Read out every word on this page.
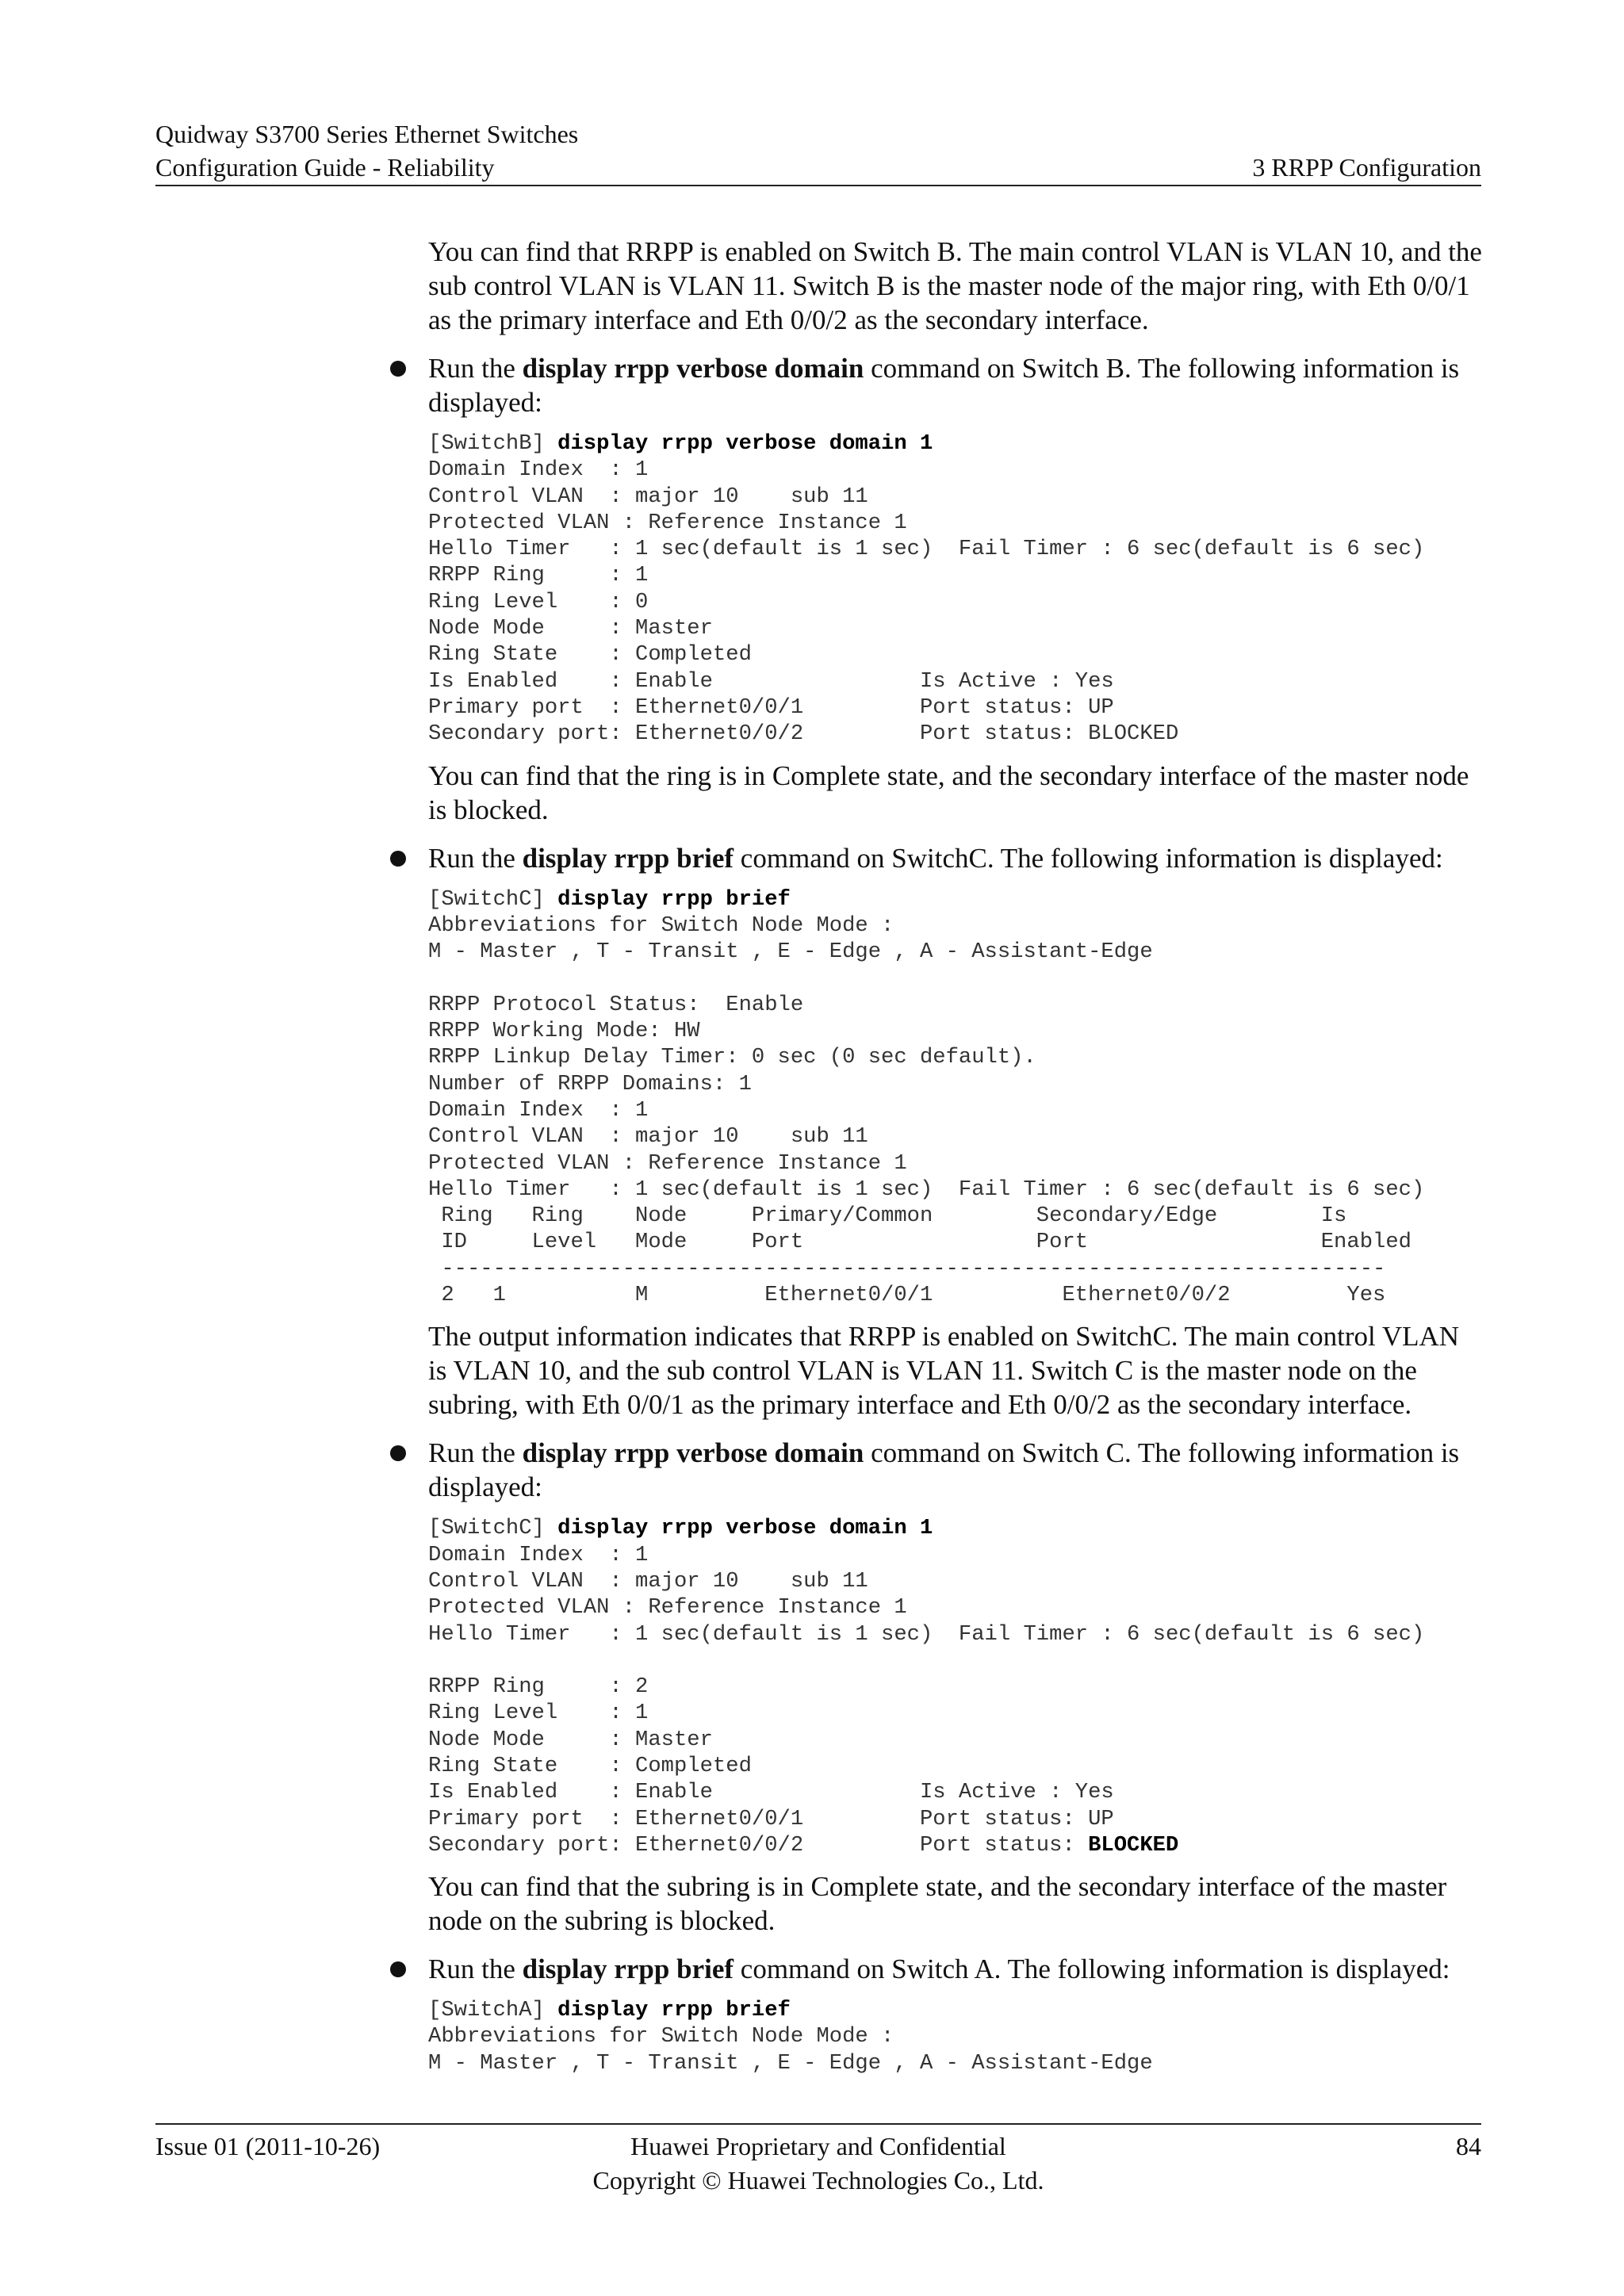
Quidway S3700 Series Ethernet Switches
Configuration Guide - Reliability	3 RRPP Configuration

You can find that RRPP is enabled on Switch B. The main control VLAN is VLAN 10, and the sub control VLAN is VLAN 11. Switch B is the master node of the major ring, with Eth 0/0/1 as the primary interface and Eth 0/0/2 as the secondary interface.

Run the display rrpp verbose domain command on Switch B. The following information is displayed:

[SwitchB] display rrpp verbose domain 1
Domain Index  : 1
Control VLAN  : major 10    sub 11
Protected VLAN : Reference Instance 1
Hello Timer   : 1 sec(default is 1 sec)  Fail Timer : 6 sec(default is 6 sec)
RRPP Ring     : 1
Ring Level    : 0
Node Mode     : Master
Ring State    : Completed
Is Enabled    : Enable                Is Active : Yes
Primary port  : Ethernet0/0/1         Port status: UP
Secondary port: Ethernet0/0/2         Port status: BLOCKED

You can find that the ring is in Complete state, and the secondary interface of the master node is blocked.

Run the display rrpp brief command on SwitchC. The following information is displayed:

[SwitchC] display rrpp brief
Abbreviations for Switch Node Mode :
M - Master , T - Transit , E - Edge , A - Assistant-Edge

RRPP Protocol Status:  Enable
RRPP Working Mode: HW
RRPP Linkup Delay Timer: 0 sec (0 sec default).
Number of RRPP Domains: 1
Domain Index  : 1
Control VLAN  : major 10    sub 11
Protected VLAN : Reference Instance 1
Hello Timer   : 1 sec(default is 1 sec)  Fail Timer : 6 sec(default is 6 sec)
Ring   Ring    Node     Primary/Common        Secondary/Edge        Is
ID     Level   Mode     Port                  Port                  Enabled
-------------------------------------------------------------------------
2   1          M         Ethernet0/0/1          Ethernet0/0/2         Yes

The output information indicates that RRPP is enabled on SwitchC. The main control VLAN is VLAN 10, and the sub control VLAN is VLAN 11. Switch C is the master node on the subring, with Eth 0/0/1 as the primary interface and Eth 0/0/2 as the secondary interface.

Run the display rrpp verbose domain command on Switch C. The following information is displayed:

[SwitchC] display rrpp verbose domain 1
Domain Index  : 1
Control VLAN  : major 10    sub 11
Protected VLAN : Reference Instance 1
Hello Timer   : 1 sec(default is 1 sec)  Fail Timer : 6 sec(default is 6 sec)

RRPP Ring     : 2
Ring Level    : 1
Node Mode     : Master
Ring State    : Completed
Is Enabled    : Enable                Is Active : Yes
Primary port  : Ethernet0/0/1         Port status: UP
Secondary port: Ethernet0/0/2         Port status: BLOCKED

You can find that the subring is in Complete state, and the secondary interface of the master node on the subring is blocked.

Run the display rrpp brief command on Switch A. The following information is displayed:

[SwitchA] display rrpp brief
Abbreviations for Switch Node Mode :
M - Master , T - Transit , E - Edge , A - Assistant-Edge
Issue 01 (2011-10-26)	Huawei Proprietary and Confidential
Copyright © Huawei Technologies Co., Ltd.
84
